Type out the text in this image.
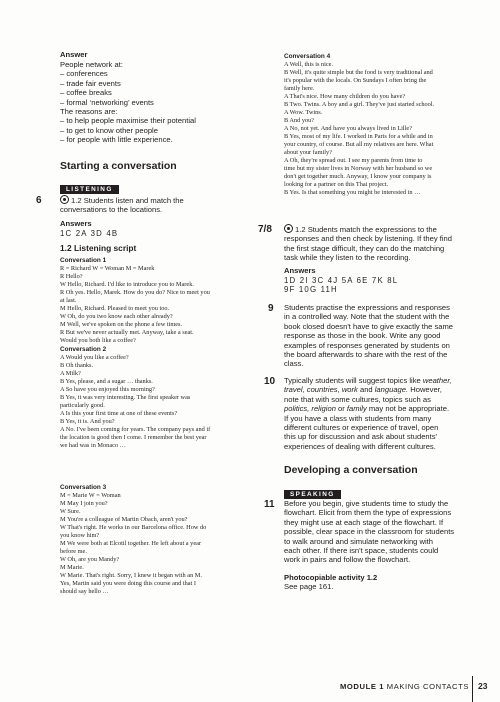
Answer
People network at:
– conferences
– trade fair events
– coffee breaks
– formal ‘networking’ events
The reasons are:
– to help people maximise their potential
– to get to know other people
– for people with little experience.
Starting a conversation
LISTENING
6	1.2 Students listen and match the
conversations to the locations.
Answers
1C 2A 3D 4B
1.2 Listening script
Conversation 1
R = Richard W = Woman M = Marek
R Hello?
W Hello, Richard. I'd like to introduce you to Marek.
R Oh yes. Hello, Marek. How do you do? Nice to meet you
at last.
M Hello, Richard. Pleased to meet you too.
W Oh, do you two know each other already?
M Well, we've spoken on the phone a few times.
R But we've never actually met. Anyway, take a seat.
Would you both like a coffee?
Conversation 2
A Would you like a coffee?
B Oh thanks.
A Milk?
B Yes, please, and a sugar … thanks.
A So have you enjoyed this morning?
B Yes, it was very interesting. The first speaker was
particularly good.
A Is this your first time at one of these events?
B Yes, it is. And you?
A No. I've been coming for years. The company pays and if
the location is good then I come. I remember the best year
we had was in Monaco …
Conversation 3
M = Marie W = Woman
M May I join you?
W Sure.
M You're a colleague of Martin Obach, aren't you?
W That's right. He works in our Barcelona office. How do
you know him?
M We were both at Elcotil together. He left about a year
before me.
W Oh, are you Mandy?
M Marie.
W Marie. That's right. Sorry, I knew it began with an M.
Yes, Martin said you were doing this course and that I
should say hello …
Conversation 4
A Well, this is nice.
B Well, it's quite simple but the food is very traditional and
it's popular with the locals. On Sundays I often bring the
family here.
A That's nice. How many children do you have?
B Two. Twins. A boy and a girl. They've just started school.
A Wow. Twins.
B And you?
A No, not yet. And have you always lived in Lille?
B Yes, most of my life. I worked in Paris for a while and in
your country, of course. But all my relatives are here. What
about your family?
A Oh, they're spread out. I see my parents from time to
time but my sister lives in Norway with her husband so we
don't get together much. Anyway, I know your company is
looking for a partner on this Thai project.
B Yes. Is that something you might be interested in …
7/8	1.2 Students match the expressions to the
responses and then check by listening. If they find
the first stage difficult, they can do the matching
task while they listen to the recording.
Answers
1D 2I 3C 4J 5A 6E 7K 8L
9F 10G 11H
9 Students practise the expressions and responses
in a controlled way. Note that the student with the
book closed doesn't have to give exactly the same
response as those in the book. Write any good
examples of responses generated by students on
the board afterwards to share with the rest of the
class.
10 Typically students will suggest topics like weather,
travel, countries, work and language. However,
note that with some cultures, topics such as
politics, religion or family may not be appropriate.
If you have a class with students from many
different cultures or experience of travel, open
this up for discussion and ask about students'
experiences of dealing with different cultures.
Developing a conversation
SPEAKING
11 Before you begin, give students time to study the
flowchart. Elicit from them the type of expressions
they might use at each stage of the flowchart. If
possible, clear space in the classroom for students
to walk around and simulate networking with
each other. If there isn't space, students could
work in pairs and follow the flowchart.
Photocopiable activity 1.2
See page 161.
MODULE 1 MAKING CONTACTS 23
